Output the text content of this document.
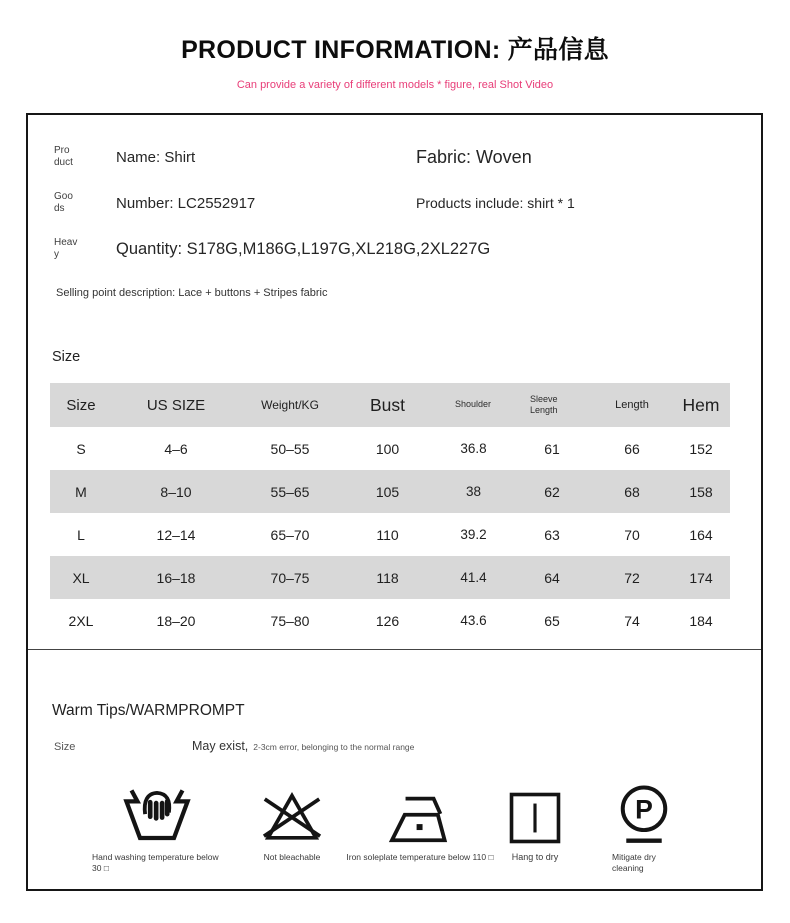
PRODUCT INFORMATION: 产品信息
Can provide a variety of different models * figure, real Shot Video
Pro
duct	Name: Shirt	Fabric: Woven
Goo
ds	Number: LC2552917	Products include: shirt * 1
Heav
y	Quantity: S178G,M186G,L197G,XL218G,2XL227G
Selling point description: Lace + buttons + Stripes fabric
Size
Size	US SIZE	Weight/KG	Bust	Shoulder	Sleeve Length	Length	Hem
S	4–6	50–55	100	36.8	61	66	152
M	8–10	55–65	105	38	62	68	158
L	12–14	65–70	110	39.2	63	70	164
XL	16–18	70–75	118	41.4	64	72	174
2XL	18–20	75–80	126	43.6	65	74	184
Warm Tips/WARMPROMPT
Size	May exist, 2-3cm error, belonging to the normal range
Hand washing temperature below 30 □
Not bleachable	Iron soleplate temperature below 110 □ Hang to dry
P
Mitigate dry cleaning
